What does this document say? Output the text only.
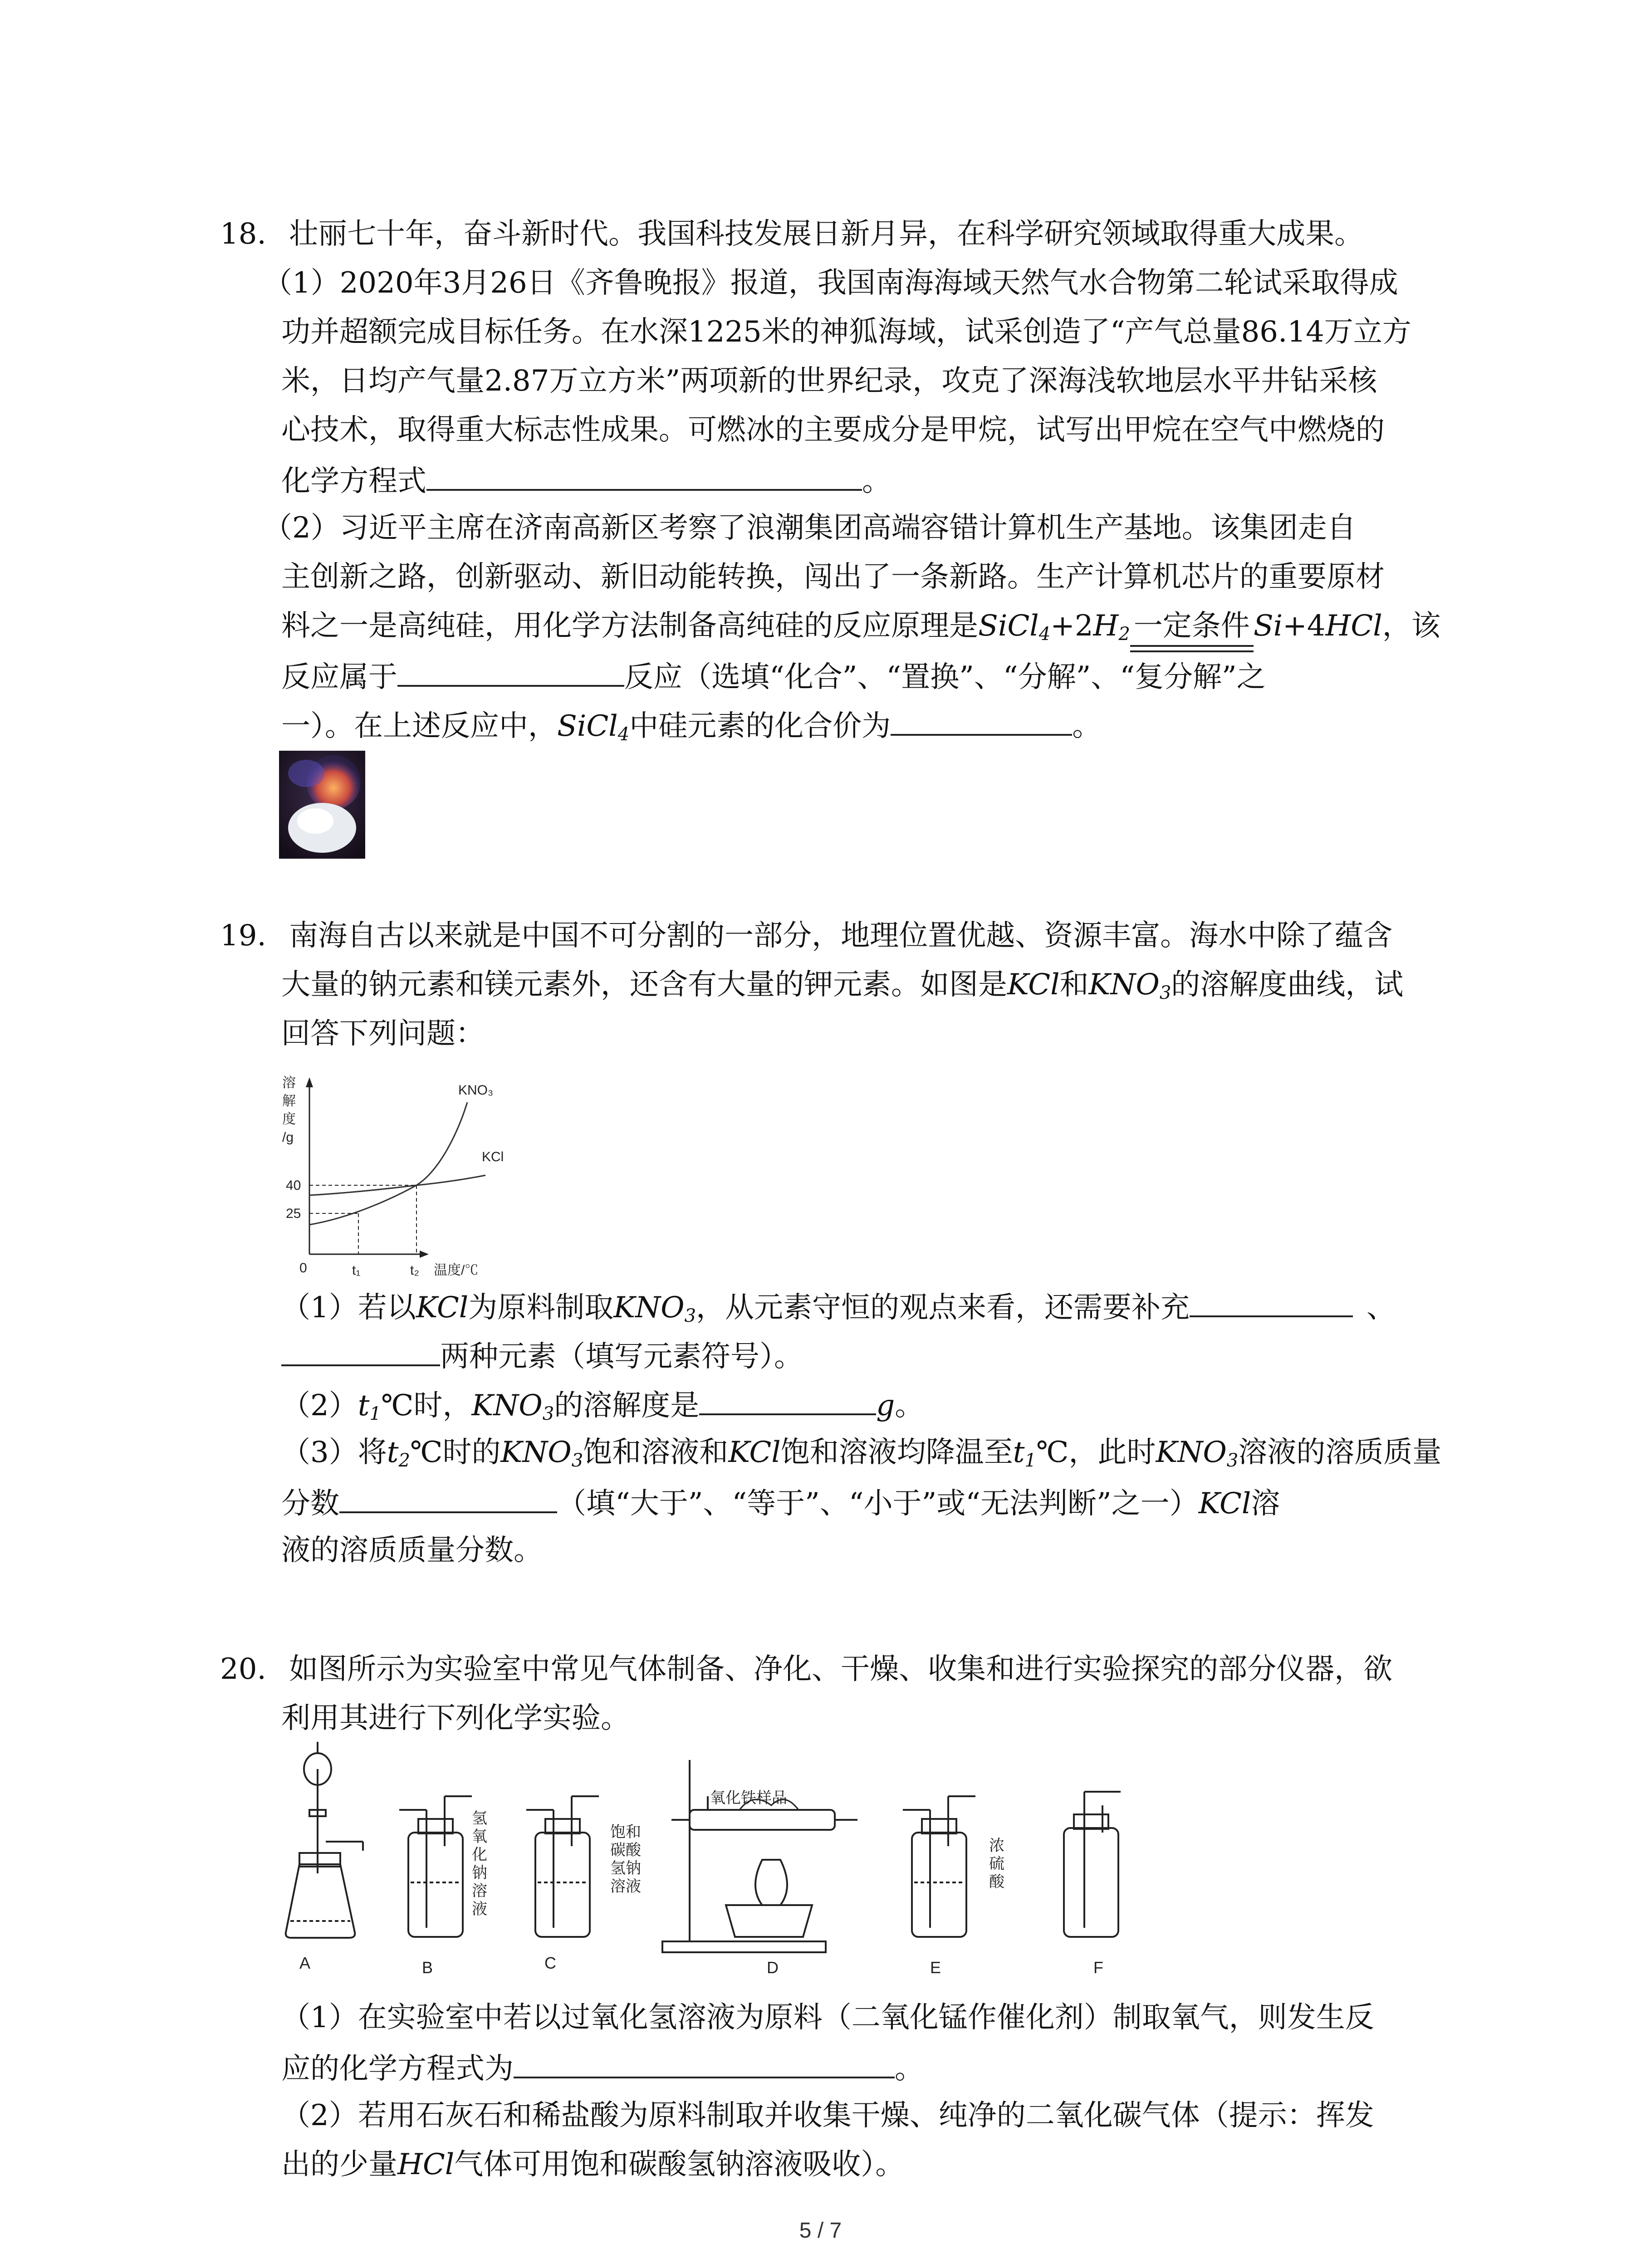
18. 壮丽七十年，奋斗新时代。我国科技发展日新月异，在科学研究领域取得重大成果。
（1）2020年3月26日《齐鲁晚报》报道，我国南海海域天然气水合物第二轮试采取得成
功并超额完成目标任务。在水深1225米的神狐海域，试采创造了“产气总量86.14万立方
米，日均产气量2.87万立方米”两项新的世界纪录，攻克了深海浅软地层水平井钻采核
心技术，取得重大标志性成果。可燃冰的主要成分是甲烷，试写出甲烷在空气中燃烧的
化学方程式	。
（2）习近平主席在济南高新区考察了浪潮集团高端容错计算机生产基地。该集团走自
主创新之路，创新驱动、新旧动能转换，闯出了一条新路。生产计算机芯片的重要原材
料之一是高纯硅，用化学方法制备高纯硅的反应原理是$SiCl_4+2H_2$ 一定条件 Si+4HCl，该
反应属于	反应（选填“化合”、“置换”、“分解”、“复分解”之
一）。在上述反应中，SiCl$_4$中硅元素的化合价为	。
19. 南海自古以来就是中国不可分割的一部分，地理位置优越、资源丰富。海水中除了蕴含
大量的钠元素和镁元素外，还含有大量的钾元素。如图是KCl和$KNO_3$的溶解度曲线，试
回答下列问题：
溶
解
度
/g
KNO₃
KCl
40
25
0	t₁	t₂ 温度/℃
（1）若以KCl为原料制取$KNO_3$，从元素守恒的观点来看，还需要补充	、
两种元素（填写元素符号）。
$(2)t_1℃$时，$KNO_3$的溶解度是	g。
（3）将$t_2℃$时的$KNO_3$饱和溶液和KCl饱和溶液均降温至$t_1℃$，此时$KNO_3$溶液的溶质质量
分数	（填“大于”、“等于”、“小于”或“无法判断”之一）KCl溶
液的溶质质量分数。
20. 如图所示为实验室中常见气体制备、净化、干燥、收集和进行实验探究的部分仪器，欲
利用其进行下列化学实验。
A	B	C	D	E	F
氢
氧
化
钠
溶
液
饱和
碳酸
氢钠
溶液
氧化铁样品
浓
硫
酸
（1）在实验室中若以过氧化氢溶液为原料（二氧化锰作催化剂）制取氧气，则发生反
应的化学方程式为	。
（2）若用石灰石和稀盐酸为原料制取并收集干燥、纯净的二氧化碳气体（提示：挥发
出的少量HCl气体可用饱和碳酸氢钠溶液吸收）。
5 / 7
